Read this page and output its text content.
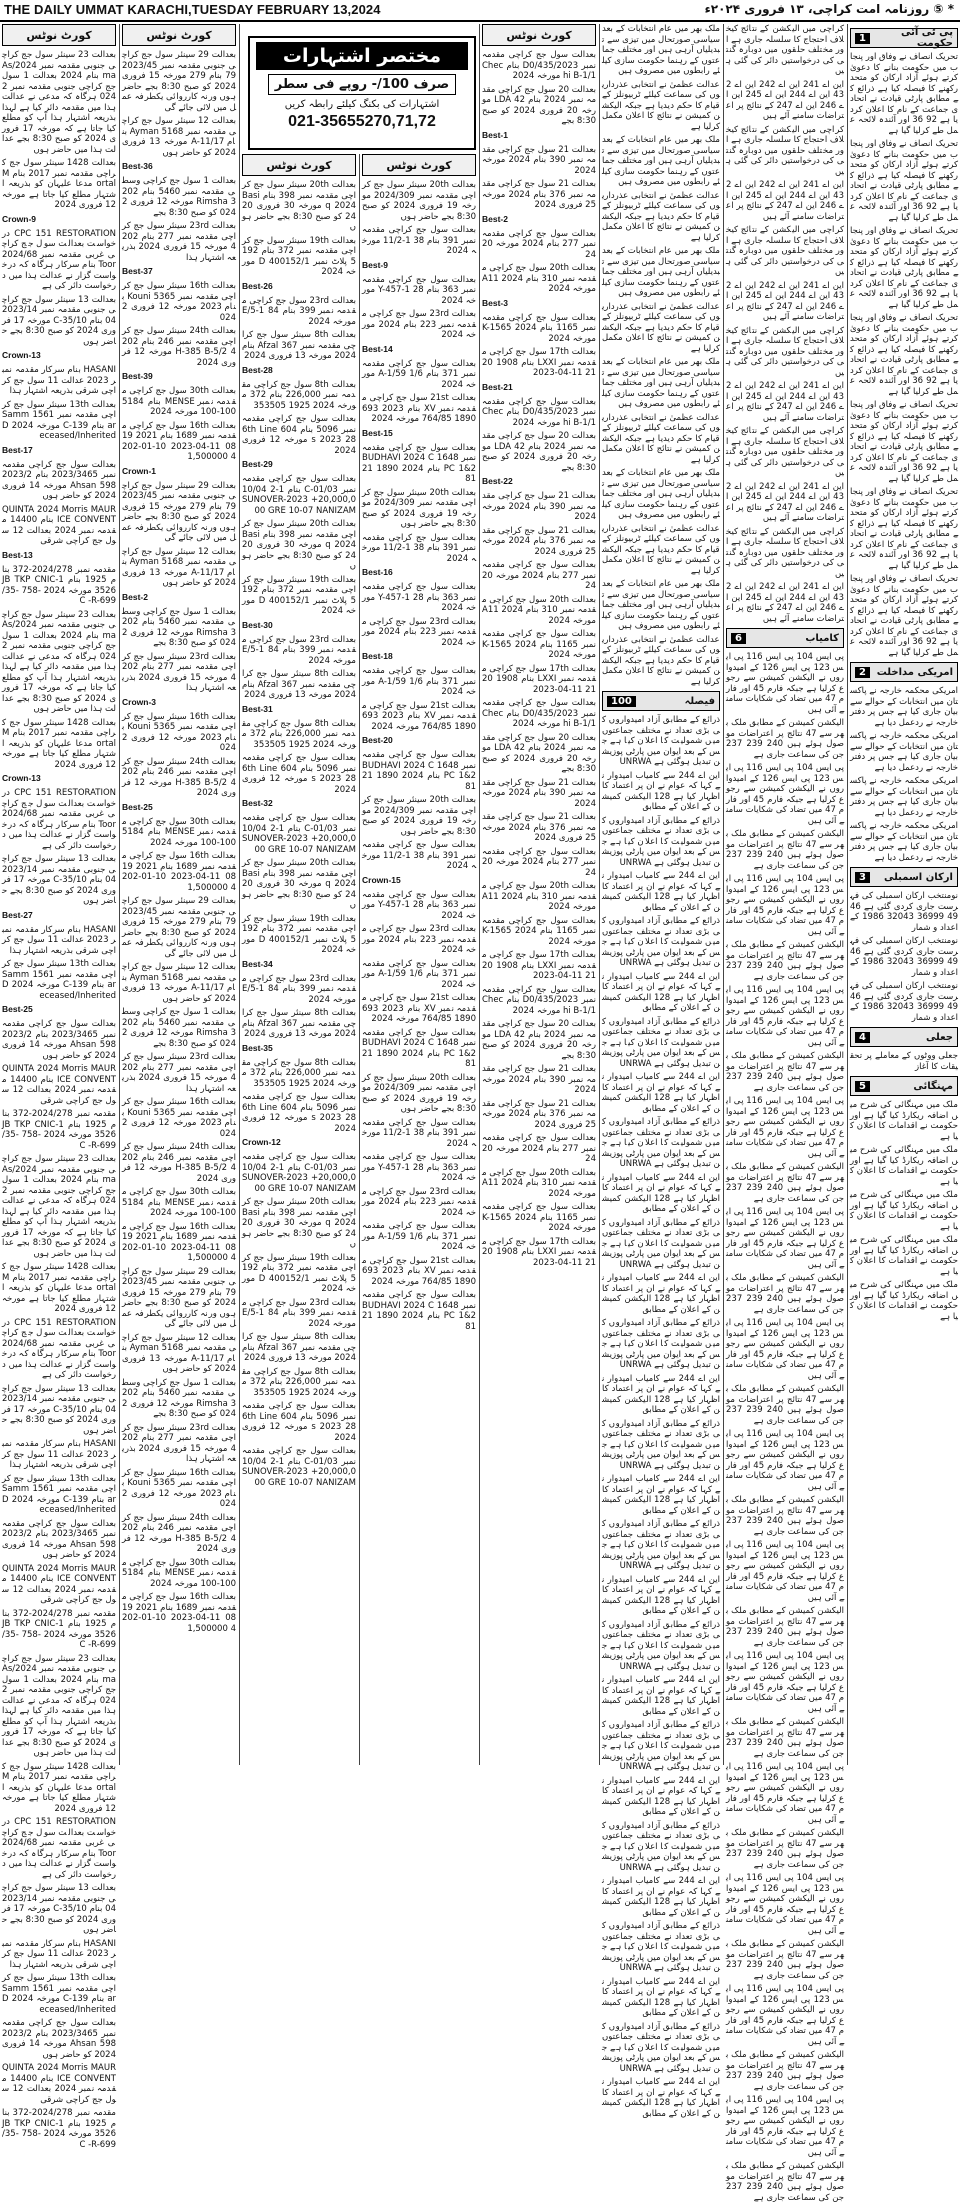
THE DAILY UMMAT KARACHI,TUESDAY FEBRUARY 13,2024	* ⑤ روزنامہ امت کراچی، ۱۳ فروری ۲۰۲۴ء
کورٹ نوٹس

بعدالت 23 سینئر سول جج کراچی جنوبی مقدمہ نمبر 2024/Asma بنام 2024 بعدالت 1 سول جج کراچی جنوبی مقدمہ نمبر 2024 ہرگاہ کہ مدعی نے عدالت ہذا میں مقدمہ دائر کیا ہے لہذا بذریعہ اشتہار ہذا آپ کو مطلع کیا جاتا ہے کہ مورخہ 17 فروری 2024 کو صبح 8:30 بجے عدالت ہذا میں حاضر ہوں

بعدالت 1428 سینئر سول جج کراچی مقدمہ نمبر 2017 بنام Mortal مدعا علیہان کو بذریعہ اشتہار مطلع کیا جاتا ہے مورخہ 12 فروری 2024

Crown-9

CPC 151 RESTORATION درخواست بعدالت سول جج کراچی غربی مقدمہ نمبر 2024/68 Toor بنام سرکار ہرگاہ کہ درخواست گزار نے عدالت ہذا میں درخواست دائر کی ہے

بعدالت 13 سینئر سول جج کراچی جنوبی مقدمہ نمبر 2023/1404 بنام C-35/10 مورخہ 17 فروری 2024 کو صبح 8:30 بجے حاضر ہوں

Crown-13

HASANI بنام سرکار مقدمہ نمبر 2023 عدالت 11 سول جج کراچی شرقی بذریعہ اشتہار ہذا

بعدالت 13th سینئر سول جج کراچی مقدمہ نمبر 1561 Sammar بنام C-139 مورخہ 2024 Deceased/Inherited

Best-17

بعدالت سول جج کراچی مقدمہ نمبر 2023/3465 بنام 2023/2598 Ahsan مورخہ 14 فروری 2024 کو حاضر ہوں

QUINTA 2024 Morris MAURICE CONVENT بنام 14400 مقدمہ نمبر 2024 بعدالت 12 سول جج کراچی شرقی

Best-13

مقدمہ نمبر 2024/278-372 بنام 1925 بنام 1-JB TKP CNIC 3526 مورخہ 2024 -758 -35/C -R-699

بعدالت 23 سینئر سول جج کراچی جنوبی مقدمہ نمبر 2024/Asma بنام 2024 بعدالت 1 سول جج کراچی جنوبی مقدمہ نمبر 2024 ہرگاہ کہ مدعی نے عدالت ہذا میں مقدمہ دائر کیا ہے لہذا بذریعہ اشتہار ہذا آپ کو مطلع کیا جاتا ہے کہ مورخہ 17 فروری 2024 کو صبح 8:30 بجے عدالت ہذا میں حاضر ہوں

بعدالت 1428 سینئر سول جج کراچی مقدمہ نمبر 2017 بنام Mortal مدعا علیہان کو بذریعہ اشتہار مطلع کیا جاتا ہے مورخہ 12 فروری 2024

Crown-13

CPC 151 RESTORATION درخواست بعدالت سول جج کراچی غربی مقدمہ نمبر 2024/68 Toor بنام سرکار ہرگاہ کہ درخواست گزار نے عدالت ہذا میں درخواست دائر کی ہے

بعدالت 13 سینئر سول جج کراچی جنوبی مقدمہ نمبر 2023/1404 بنام C-35/10 مورخہ 17 فروری 2024 کو صبح 8:30 بجے حاضر ہوں

Best-27

HASANI بنام سرکار مقدمہ نمبر 2023 عدالت 11 سول جج کراچی شرقی بذریعہ اشتہار ہذا

بعدالت 13th سینئر سول جج کراچی مقدمہ نمبر 1561 Sammar بنام C-139 مورخہ 2024 Deceased/Inherited

Best-25

بعدالت سول جج کراچی مقدمہ نمبر 2023/3465 بنام 2023/2598 Ahsan مورخہ 14 فروری 2024 کو حاضر ہوں

QUINTA 2024 Morris MAURICE CONVENT بنام 14400 مقدمہ نمبر 2024 بعدالت 12 سول جج کراچی شرقی

مقدمہ نمبر 2024/278-372 بنام 1925 بنام 1-JB TKP CNIC 3526 مورخہ 2024 -758 -35/C -R-699

بعدالت 23 سینئر سول جج کراچی جنوبی مقدمہ نمبر 2024/Asma بنام 2024 بعدالت 1 سول جج کراچی جنوبی مقدمہ نمبر 2024 ہرگاہ کہ مدعی نے عدالت ہذا میں مقدمہ دائر کیا ہے لہذا بذریعہ اشتہار ہذا آپ کو مطلع کیا جاتا ہے کہ مورخہ 17 فروری 2024 کو صبح 8:30 بجے عدالت ہذا میں حاضر ہوں

بعدالت 1428 سینئر سول جج کراچی مقدمہ نمبر 2017 بنام Mortal مدعا علیہان کو بذریعہ اشتہار مطلع کیا جاتا ہے مورخہ 12 فروری 2024

CPC 151 RESTORATION درخواست بعدالت سول جج کراچی غربی مقدمہ نمبر 2024/68 Toor بنام سرکار ہرگاہ کہ درخواست گزار نے عدالت ہذا میں درخواست دائر کی ہے

بعدالت 13 سینئر سول جج کراچی جنوبی مقدمہ نمبر 2023/1404 بنام C-35/10 مورخہ 17 فروری 2024 کو صبح 8:30 بجے حاضر ہوں

HASANI بنام سرکار مقدمہ نمبر 2023 عدالت 11 سول جج کراچی شرقی بذریعہ اشتہار ہذا

بعدالت 13th سینئر سول جج کراچی مقدمہ نمبر 1561 Sammar بنام C-139 مورخہ 2024 Deceased/Inherited

بعدالت سول جج کراچی مقدمہ نمبر 2023/3465 بنام 2023/2598 Ahsan مورخہ 14 فروری 2024 کو حاضر ہوں

QUINTA 2024 Morris MAURICE CONVENT بنام 14400 مقدمہ نمبر 2024 بعدالت 12 سول جج کراچی شرقی

مقدمہ نمبر 2024/278-372 بنام 1925 بنام 1-JB TKP CNIC 3526 مورخہ 2024 -758 -35/C -R-699

بعدالت 23 سینئر سول جج کراچی جنوبی مقدمہ نمبر 2024/Asma بنام 2024 بعدالت 1 سول جج کراچی جنوبی مقدمہ نمبر 2024 ہرگاہ کہ مدعی نے عدالت ہذا میں مقدمہ دائر کیا ہے لہذا بذریعہ اشتہار ہذا آپ کو مطلع کیا جاتا ہے کہ مورخہ 17 فروری 2024 کو صبح 8:30 بجے عدالت ہذا میں حاضر ہوں

بعدالت 1428 سینئر سول جج کراچی مقدمہ نمبر 2017 بنام Mortal مدعا علیہان کو بذریعہ اشتہار مطلع کیا جاتا ہے مورخہ 12 فروری 2024

CPC 151 RESTORATION درخواست بعدالت سول جج کراچی غربی مقدمہ نمبر 2024/68 Toor بنام سرکار ہرگاہ کہ درخواست گزار نے عدالت ہذا میں درخواست دائر کی ہے

بعدالت 13 سینئر سول جج کراچی جنوبی مقدمہ نمبر 2023/1404 بنام C-35/10 مورخہ 17 فروری 2024 کو صبح 8:30 بجے حاضر ہوں

HASANI بنام سرکار مقدمہ نمبر 2023 عدالت 11 سول جج کراچی شرقی بذریعہ اشتہار ہذا

بعدالت 13th سینئر سول جج کراچی مقدمہ نمبر 1561 Sammar بنام C-139 مورخہ 2024 Deceased/Inherited

بعدالت سول جج کراچی مقدمہ نمبر 2023/3465 بنام 2023/2598 Ahsan مورخہ 14 فروری 2024 کو حاضر ہوں

QUINTA 2024 Morris MAURICE CONVENT بنام 14400 مقدمہ نمبر 2024 بعدالت 12 سول جج کراچی شرقی

مقدمہ نمبر 2024/278-372 بنام 1925 بنام 1-JB TKP CNIC 3526 مورخہ 2024 -758 -35/C -R-699

کورٹ نوٹس

بعدالت 29 سینئر سول جج کراچی جنوبی مقدمہ نمبر 2023/4579 بنام 279 مورخہ 15 فروری 2024 کو صبح 8:30 بجے حاضر ہوں ورنہ کارروائی یکطرفہ عمل میں لائی جائے گی

بعدالت 12 سینئر سول جج کراچی مقدمہ نمبر 5168 Ayman بنام A-11/17 مورخہ 13 فروری 2024 کو حاضر ہوں

Best-36

بعدالت 1 سول جج کراچی وسطی مقدمہ نمبر 5460 بنام 2023 Rimsha مورخہ 12 فروری 2024 کو صبح 8:30 بجے

بعدالت 23rd سینئر سول جج کراچی مقدمہ نمبر 277 بنام 2024 مورخہ 15 فروری 2024 بذریعہ اشتہار ہذا

Best-37

بعدالت 16th سینئر سول جج کراچی مقدمہ نمبر 5365 Kouni بنام 2023 مورخہ 12 فروری 2024

بعدالت 24th سینئر سول جج کراچی مقدمہ نمبر 246 بنام 2024 H-385 B-5/2 مورخہ 12 فروری 2024

Best-39

بعدالت 30th سول جج کراچی مقدمہ نمبر MENSE بنام 5184 100-100 مورخہ 2024

بعدالت 16th سول جج کراچی مقدمہ نمبر 1689 بنام 2021 1908 11-04-2023 10-01-2024 1,500000

Crown-1

بعدالت 29 سینئر سول جج کراچی جنوبی مقدمہ نمبر 2023/4579 بنام 279 مورخہ 15 فروری 2024 کو صبح 8:30 بجے حاضر ہوں ورنہ کارروائی یکطرفہ عمل میں لائی جائے گی

بعدالت 12 سینئر سول جج کراچی مقدمہ نمبر 5168 Ayman بنام A-11/17 مورخہ 13 فروری 2024 کو حاضر ہوں

Best-2

بعدالت 1 سول جج کراچی وسطی مقدمہ نمبر 5460 بنام 2023 Rimsha مورخہ 12 فروری 2024 کو صبح 8:30 بجے

بعدالت 23rd سینئر سول جج کراچی مقدمہ نمبر 277 بنام 2024 مورخہ 15 فروری 2024 بذریعہ اشتہار ہذا

Crown-3

بعدالت 16th سینئر سول جج کراچی مقدمہ نمبر 5365 Kouni بنام 2023 مورخہ 12 فروری 2024

بعدالت 24th سینئر سول جج کراچی مقدمہ نمبر 246 بنام 2024 H-385 B-5/2 مورخہ 12 فروری 2024

Best-25

بعدالت 30th سول جج کراچی مقدمہ نمبر MENSE بنام 5184 100-100 مورخہ 2024

بعدالت 16th سول جج کراچی مقدمہ نمبر 1689 بنام 2021 1908 11-04-2023 10-01-2024 1,500000

بعدالت 29 سینئر سول جج کراچی جنوبی مقدمہ نمبر 2023/4579 بنام 279 مورخہ 15 فروری 2024 کو صبح 8:30 بجے حاضر ہوں ورنہ کارروائی یکطرفہ عمل میں لائی جائے گی

بعدالت 12 سینئر سول جج کراچی مقدمہ نمبر 5168 Ayman بنام A-11/17 مورخہ 13 فروری 2024 کو حاضر ہوں

بعدالت 1 سول جج کراچی وسطی مقدمہ نمبر 5460 بنام 2023 Rimsha مورخہ 12 فروری 2024 کو صبح 8:30 بجے

بعدالت 23rd سینئر سول جج کراچی مقدمہ نمبر 277 بنام 2024 مورخہ 15 فروری 2024 بذریعہ اشتہار ہذا

بعدالت 16th سینئر سول جج کراچی مقدمہ نمبر 5365 Kouni بنام 2023 مورخہ 12 فروری 2024

بعدالت 24th سینئر سول جج کراچی مقدمہ نمبر 246 بنام 2024 H-385 B-5/2 مورخہ 12 فروری 2024

بعدالت 30th سول جج کراچی مقدمہ نمبر MENSE بنام 5184 100-100 مورخہ 2024

بعدالت 16th سول جج کراچی مقدمہ نمبر 1689 بنام 2021 1908 11-04-2023 10-01-2024 1,500000

بعدالت 29 سینئر سول جج کراچی جنوبی مقدمہ نمبر 2023/4579 بنام 279 مورخہ 15 فروری 2024 کو صبح 8:30 بجے حاضر ہوں ورنہ کارروائی یکطرفہ عمل میں لائی جائے گی

بعدالت 12 سینئر سول جج کراچی مقدمہ نمبر 5168 Ayman بنام A-11/17 مورخہ 13 فروری 2024 کو حاضر ہوں

بعدالت 1 سول جج کراچی وسطی مقدمہ نمبر 5460 بنام 2023 Rimsha مورخہ 12 فروری 2024 کو صبح 8:30 بجے

بعدالت 23rd سینئر سول جج کراچی مقدمہ نمبر 277 بنام 2024 مورخہ 15 فروری 2024 بذریعہ اشتہار ہذا

بعدالت 16th سینئر سول جج کراچی مقدمہ نمبر 5365 Kouni بنام 2023 مورخہ 12 فروری 2024

بعدالت 24th سینئر سول جج کراچی مقدمہ نمبر 246 بنام 2024 H-385 B-5/2 مورخہ 12 فروری 2024

بعدالت 30th سول جج کراچی مقدمہ نمبر MENSE بنام 5184 100-100 مورخہ 2024

بعدالت 16th سول جج کراچی مقدمہ نمبر 1689 بنام 2021 1908 11-04-2023 10-01-2024 1,500000

مختصر اشتہارات
صرف 100/- روپے فی سطر
اشتہارات کی بکنگ کیلئے رابطہ کریں
021-35655270,71,72
کورٹ نوٹس

بعدالت 20th سینئر سول جج کراچی مقدمہ نمبر 398 بنام Basiq 2024 مورخہ 30 فروری 2024 کو صبح 8:30 بجے حاضر ہوں

بعدالت 19th سینئر سول جج کراچی مقدمہ نمبر 372 بنام 1925 پلاٹ نمبر 1/D 400152 مورخہ 2024

Best-26

بعدالت 23rd سول جج کراچی مقدمہ نمبر 399 بنام 84 1-E/5 مورخہ 2024

بعدالت 8th سینئر سول جج کراچی مقدمہ نمبر 367 Afzal بنام 2024 مورخہ 13 فروری 2024

Best-28

بعدالت 8th سول جج کراچی مقدمہ نمبر 226,000 بنام 372 مورخہ 2024 1925 353505

بعدالت سول جج کراچی مقدمہ نمبر 5096 بنام 604 6th Lines 2023 28 مورخہ 12 فروری 2024

Best-29

بعدالت سول جج کراچی مقدمہ نمبر C-01/03 بنام 1-2 10/04 SUNOVER-2023 +20,000,000 GRE 10-07 NANIZAM

بعدالت 20th سینئر سول جج کراچی مقدمہ نمبر 398 بنام Basiq 2024 مورخہ 30 فروری 2024 کو صبح 8:30 بجے حاضر ہوں

بعدالت 19th سینئر سول جج کراچی مقدمہ نمبر 372 بنام 1925 پلاٹ نمبر 1/D 400152 مورخہ 2024

Best-30

بعدالت 23rd سول جج کراچی مقدمہ نمبر 399 بنام 84 1-E/5 مورخہ 2024

بعدالت 8th سینئر سول جج کراچی مقدمہ نمبر 367 Afzal بنام 2024 مورخہ 13 فروری 2024

Best-31

بعدالت 8th سول جج کراچی مقدمہ نمبر 226,000 بنام 372 مورخہ 2024 1925 353505

بعدالت سول جج کراچی مقدمہ نمبر 5096 بنام 604 6th Lines 2023 28 مورخہ 12 فروری 2024

Best-32

بعدالت سول جج کراچی مقدمہ نمبر C-01/03 بنام 1-2 10/04 SUNOVER-2023 +20,000,000 GRE 10-07 NANIZAM

بعدالت 20th سینئر سول جج کراچی مقدمہ نمبر 398 بنام Basiq 2024 مورخہ 30 فروری 2024 کو صبح 8:30 بجے حاضر ہوں

بعدالت 19th سینئر سول جج کراچی مقدمہ نمبر 372 بنام 1925 پلاٹ نمبر 1/D 400152 مورخہ 2024

Best-34

بعدالت 23rd سول جج کراچی مقدمہ نمبر 399 بنام 84 1-E/5 مورخہ 2024

بعدالت 8th سینئر سول جج کراچی مقدمہ نمبر 367 Afzal بنام 2024 مورخہ 13 فروری 2024

Best-35

بعدالت 8th سول جج کراچی مقدمہ نمبر 226,000 بنام 372 مورخہ 2024 1925 353505

بعدالت سول جج کراچی مقدمہ نمبر 5096 بنام 604 6th Lines 2023 28 مورخہ 12 فروری 2024

Crown-12

بعدالت سول جج کراچی مقدمہ نمبر C-01/03 بنام 1-2 10/04 SUNOVER-2023 +20,000,000 GRE 10-07 NANIZAM

بعدالت 20th سینئر سول جج کراچی مقدمہ نمبر 398 بنام Basiq 2024 مورخہ 30 فروری 2024 کو صبح 8:30 بجے حاضر ہوں

بعدالت 19th سینئر سول جج کراچی مقدمہ نمبر 372 بنام 1925 پلاٹ نمبر 1/D 400152 مورخہ 2024

بعدالت 23rd سول جج کراچی مقدمہ نمبر 399 بنام 84 1-E/5 مورخہ 2024

بعدالت 8th سینئر سول جج کراچی مقدمہ نمبر 367 Afzal بنام 2024 مورخہ 13 فروری 2024

بعدالت 8th سول جج کراچی مقدمہ نمبر 226,000 بنام 372 مورخہ 2024 1925 353505

بعدالت سول جج کراچی مقدمہ نمبر 5096 بنام 604 6th Lines 2023 28 مورخہ 12 فروری 2024

بعدالت سول جج کراچی مقدمہ نمبر C-01/03 بنام 1-2 10/04 SUNOVER-2023 +20,000,000 GRE 10-07 NANIZAM

کورٹ نوٹس

بعدالت 20th سینئر سول جج کراچی مقدمہ نمبر 2024/309 مورخہ 19 فروری 2024 کو صبح 8:30 بجے حاضر ہوں

بعدالت سول جج کراچی مقدمہ نمبر 391 بنام 38 1-11/2 مورخہ 2024

Best-9

بعدالت سول جج کراچی مقدمہ نمبر 363 بنام 28 1-Y-457 مورخہ 2024

بعدالت 23rd سول جج کراچی مقدمہ نمبر 223 بنام 2024 مورخہ 2024

Best-14

بعدالت سول جج کراچی مقدمہ نمبر 371 بنام A-1/59 1/6 مورخہ 2024

بعدالت 21st سول جج کراچی مقدمہ نمبر XV بنام 2023 693 1890 764/85 مورخہ 2024

Best-15

بعدالت سول جج کراچی مقدمہ نمبر 1648 BUDHAVI 2024 CPC 1&2 بنام 2024 1890 2181

بعدالت 20th سینئر سول جج کراچی مقدمہ نمبر 2024/309 مورخہ 19 فروری 2024 کو صبح 8:30 بجے حاضر ہوں

بعدالت سول جج کراچی مقدمہ نمبر 391 بنام 38 1-11/2 مورخہ 2024

Best-16

بعدالت سول جج کراچی مقدمہ نمبر 363 بنام 28 1-Y-457 مورخہ 2024

بعدالت 23rd سول جج کراچی مقدمہ نمبر 223 بنام 2024 مورخہ 2024

Best-18

بعدالت سول جج کراچی مقدمہ نمبر 371 بنام A-1/59 1/6 مورخہ 2024

بعدالت 21st سول جج کراچی مقدمہ نمبر XV بنام 2023 693 1890 764/85 مورخہ 2024

Best-20

بعدالت سول جج کراچی مقدمہ نمبر 1648 BUDHAVI 2024 CPC 1&2 بنام 2024 1890 2181

بعدالت 20th سینئر سول جج کراچی مقدمہ نمبر 2024/309 مورخہ 19 فروری 2024 کو صبح 8:30 بجے حاضر ہوں

بعدالت سول جج کراچی مقدمہ نمبر 391 بنام 38 1-11/2 مورخہ 2024

Crown-15

بعدالت سول جج کراچی مقدمہ نمبر 363 بنام 28 1-Y-457 مورخہ 2024

بعدالت 23rd سول جج کراچی مقدمہ نمبر 223 بنام 2024 مورخہ 2024

بعدالت سول جج کراچی مقدمہ نمبر 371 بنام A-1/59 1/6 مورخہ 2024

بعدالت 21st سول جج کراچی مقدمہ نمبر XV بنام 2023 693 1890 764/85 مورخہ 2024

بعدالت سول جج کراچی مقدمہ نمبر 1648 BUDHAVI 2024 CPC 1&2 بنام 2024 1890 2181

بعدالت 20th سینئر سول جج کراچی مقدمہ نمبر 2024/309 مورخہ 19 فروری 2024 کو صبح 8:30 بجے حاضر ہوں

بعدالت سول جج کراچی مقدمہ نمبر 391 بنام 38 1-11/2 مورخہ 2024

بعدالت سول جج کراچی مقدمہ نمبر 363 بنام 28 1-Y-457 مورخہ 2024

بعدالت 23rd سول جج کراچی مقدمہ نمبر 223 بنام 2024 مورخہ 2024

بعدالت سول جج کراچی مقدمہ نمبر 371 بنام A-1/59 1/6 مورخہ 2024

بعدالت 21st سول جج کراچی مقدمہ نمبر XV بنام 2023 693 1890 764/85 مورخہ 2024

بعدالت سول جج کراچی مقدمہ نمبر 1648 BUDHAVI 2024 CPC 1&2 بنام 2024 1890 2181

کورٹ نوٹس

بعدالت سول جج کراچی مقدمہ نمبر 2023/D0/435 بنام Chechi B-1/1 مورخہ 2024

بعدالت 20 سول جج کراچی مقدمہ نمبر 2024 بنام 42 LDA مورخہ 20 فروری 2024 کو صبح 8:30 بجے

Best-1

بعدالت 21 سول جج کراچی مقدمہ نمبر 390 بنام 2024 مورخہ 2024

بعدالت 21 سول جج کراچی مقدمہ نمبر 376 بنام 2024 مورخہ 25 فروری 2024

Best-2

بعدالت سول جج کراچی مقدمہ نمبر 277 بنام 2024 مورخہ 2024

بعدالت 20th سول جج کراچی مقدمہ نمبر 310 بنام A11 2024 مورخہ 2024

Best-3

بعدالت سول جج کراچی مقدمہ نمبر 1165 بنام K-1565 2024 مورخہ 2024

بعدالت 17th سول جج کراچی مقدمہ نمبر LXXI بنام 1908 2021 11-04-2023

Best-21

بعدالت سول جج کراچی مقدمہ نمبر 2023/D0/435 بنام Chechi B-1/1 مورخہ 2024

بعدالت 20 سول جج کراچی مقدمہ نمبر 2024 بنام 42 LDA مورخہ 20 فروری 2024 کو صبح 8:30 بجے

Best-22

بعدالت 21 سول جج کراچی مقدمہ نمبر 390 بنام 2024 مورخہ 2024

بعدالت 21 سول جج کراچی مقدمہ نمبر 376 بنام 2024 مورخہ 25 فروری 2024

بعدالت سول جج کراچی مقدمہ نمبر 277 بنام 2024 مورخہ 2024

بعدالت 20th سول جج کراچی مقدمہ نمبر 310 بنام A11 2024 مورخہ 2024

بعدالت سول جج کراچی مقدمہ نمبر 1165 بنام K-1565 2024 مورخہ 2024

بعدالت 17th سول جج کراچی مقدمہ نمبر LXXI بنام 1908 2021 11-04-2023

بعدالت سول جج کراچی مقدمہ نمبر 2023/D0/435 بنام Chechi B-1/1 مورخہ 2024

بعدالت 20 سول جج کراچی مقدمہ نمبر 2024 بنام 42 LDA مورخہ 20 فروری 2024 کو صبح 8:30 بجے

بعدالت 21 سول جج کراچی مقدمہ نمبر 390 بنام 2024 مورخہ 2024

بعدالت 21 سول جج کراچی مقدمہ نمبر 376 بنام 2024 مورخہ 25 فروری 2024

بعدالت سول جج کراچی مقدمہ نمبر 277 بنام 2024 مورخہ 2024

بعدالت 20th سول جج کراچی مقدمہ نمبر 310 بنام A11 2024 مورخہ 2024

بعدالت سول جج کراچی مقدمہ نمبر 1165 بنام K-1565 2024 مورخہ 2024

بعدالت 17th سول جج کراچی مقدمہ نمبر LXXI بنام 1908 2021 11-04-2023

بعدالت سول جج کراچی مقدمہ نمبر 2023/D0/435 بنام Chechi B-1/1 مورخہ 2024

بعدالت 20 سول جج کراچی مقدمہ نمبر 2024 بنام 42 LDA مورخہ 20 فروری 2024 کو صبح 8:30 بجے

بعدالت 21 سول جج کراچی مقدمہ نمبر 390 بنام 2024 مورخہ 2024

بعدالت 21 سول جج کراچی مقدمہ نمبر 376 بنام 2024 مورخہ 25 فروری 2024

بعدالت سول جج کراچی مقدمہ نمبر 277 بنام 2024 مورخہ 2024

بعدالت 20th سول جج کراچی مقدمہ نمبر 310 بنام A11 2024 مورخہ 2024

بعدالت سول جج کراچی مقدمہ نمبر 1165 بنام K-1565 2024 مورخہ 2024

بعدالت 17th سول جج کراچی مقدمہ نمبر LXXI بنام 1908 2021 11-04-2023

ملک بھر میں عام انتخابات کے بعد سیاسی صورتحال میں تیزی سے تبدیلیاں آرہی ہیں اور مختلف جماعتوں کے رہنما حکومت سازی کیلئے رابطوں میں مصروف ہیں

عدالت عظمیٰ نے انتخابی عذرداریوں کی سماعت کیلئے ٹربیونلز کے قیام کا حکم دیدیا ہے جبکہ الیکشن کمیشن نے نتائج کا اعلان مکمل کرلیا ہے

ملک بھر میں عام انتخابات کے بعد سیاسی صورتحال میں تیزی سے تبدیلیاں آرہی ہیں اور مختلف جماعتوں کے رہنما حکومت سازی کیلئے رابطوں میں مصروف ہیں

عدالت عظمیٰ نے انتخابی عذرداریوں کی سماعت کیلئے ٹربیونلز کے قیام کا حکم دیدیا ہے جبکہ الیکشن کمیشن نے نتائج کا اعلان مکمل کرلیا ہے

ملک بھر میں عام انتخابات کے بعد سیاسی صورتحال میں تیزی سے تبدیلیاں آرہی ہیں اور مختلف جماعتوں کے رہنما حکومت سازی کیلئے رابطوں میں مصروف ہیں

عدالت عظمیٰ نے انتخابی عذرداریوں کی سماعت کیلئے ٹربیونلز کے قیام کا حکم دیدیا ہے جبکہ الیکشن کمیشن نے نتائج کا اعلان مکمل کرلیا ہے

ملک بھر میں عام انتخابات کے بعد سیاسی صورتحال میں تیزی سے تبدیلیاں آرہی ہیں اور مختلف جماعتوں کے رہنما حکومت سازی کیلئے رابطوں میں مصروف ہیں

عدالت عظمیٰ نے انتخابی عذرداریوں کی سماعت کیلئے ٹربیونلز کے قیام کا حکم دیدیا ہے جبکہ الیکشن کمیشن نے نتائج کا اعلان مکمل کرلیا ہے

ملک بھر میں عام انتخابات کے بعد سیاسی صورتحال میں تیزی سے تبدیلیاں آرہی ہیں اور مختلف جماعتوں کے رہنما حکومت سازی کیلئے رابطوں میں مصروف ہیں

عدالت عظمیٰ نے انتخابی عذرداریوں کی سماعت کیلئے ٹربیونلز کے قیام کا حکم دیدیا ہے جبکہ الیکشن کمیشن نے نتائج کا اعلان مکمل کرلیا ہے

ملک بھر میں عام انتخابات کے بعد سیاسی صورتحال میں تیزی سے تبدیلیاں آرہی ہیں اور مختلف جماعتوں کے رہنما حکومت سازی کیلئے رابطوں میں مصروف ہیں

عدالت عظمیٰ نے انتخابی عذرداریوں کی سماعت کیلئے ٹربیونلز کے قیام کا حکم دیدیا ہے جبکہ الیکشن کمیشن نے نتائج کا اعلان مکمل کرلیا ہے

فیصلہ
100

ذرائع کے مطابق آزاد امیدواروں کی بڑی تعداد نے مختلف جماعتوں میں شمولیت کا اعلان کیا ہے جس کے بعد ایوان میں پارٹی پوزیشن تبدیل ہوگئی ہے UNRWA

این اے 244 سے کامیاب امیدوار نے کہا کہ عوام نے ان پر اعتماد کا اظہار کیا ہے 128 الیکشن کمیشن کے اعلان کے مطابق

ذرائع کے مطابق آزاد امیدواروں کی بڑی تعداد نے مختلف جماعتوں میں شمولیت کا اعلان کیا ہے جس کے بعد ایوان میں پارٹی پوزیشن تبدیل ہوگئی ہے UNRWA

این اے 244 سے کامیاب امیدوار نے کہا کہ عوام نے ان پر اعتماد کا اظہار کیا ہے 128 الیکشن کمیشن کے اعلان کے مطابق

ذرائع کے مطابق آزاد امیدواروں کی بڑی تعداد نے مختلف جماعتوں میں شمولیت کا اعلان کیا ہے جس کے بعد ایوان میں پارٹی پوزیشن تبدیل ہوگئی ہے UNRWA

این اے 244 سے کامیاب امیدوار نے کہا کہ عوام نے ان پر اعتماد کا اظہار کیا ہے 128 الیکشن کمیشن کے اعلان کے مطابق

ذرائع کے مطابق آزاد امیدواروں کی بڑی تعداد نے مختلف جماعتوں میں شمولیت کا اعلان کیا ہے جس کے بعد ایوان میں پارٹی پوزیشن تبدیل ہوگئی ہے UNRWA

این اے 244 سے کامیاب امیدوار نے کہا کہ عوام نے ان پر اعتماد کا اظہار کیا ہے 128 الیکشن کمیشن کے اعلان کے مطابق

ذرائع کے مطابق آزاد امیدواروں کی بڑی تعداد نے مختلف جماعتوں میں شمولیت کا اعلان کیا ہے جس کے بعد ایوان میں پارٹی پوزیشن تبدیل ہوگئی ہے UNRWA

این اے 244 سے کامیاب امیدوار نے کہا کہ عوام نے ان پر اعتماد کا اظہار کیا ہے 128 الیکشن کمیشن کے اعلان کے مطابق

ذرائع کے مطابق آزاد امیدواروں کی بڑی تعداد نے مختلف جماعتوں میں شمولیت کا اعلان کیا ہے جس کے بعد ایوان میں پارٹی پوزیشن تبدیل ہوگئی ہے UNRWA

این اے 244 سے کامیاب امیدوار نے کہا کہ عوام نے ان پر اعتماد کا اظہار کیا ہے 128 الیکشن کمیشن کے اعلان کے مطابق

ذرائع کے مطابق آزاد امیدواروں کی بڑی تعداد نے مختلف جماعتوں میں شمولیت کا اعلان کیا ہے جس کے بعد ایوان میں پارٹی پوزیشن تبدیل ہوگئی ہے UNRWA

این اے 244 سے کامیاب امیدوار نے کہا کہ عوام نے ان پر اعتماد کا اظہار کیا ہے 128 الیکشن کمیشن کے اعلان کے مطابق

ذرائع کے مطابق آزاد امیدواروں کی بڑی تعداد نے مختلف جماعتوں میں شمولیت کا اعلان کیا ہے جس کے بعد ایوان میں پارٹی پوزیشن تبدیل ہوگئی ہے UNRWA

این اے 244 سے کامیاب امیدوار نے کہا کہ عوام نے ان پر اعتماد کا اظہار کیا ہے 128 الیکشن کمیشن کے اعلان کے مطابق

ذرائع کے مطابق آزاد امیدواروں کی بڑی تعداد نے مختلف جماعتوں میں شمولیت کا اعلان کیا ہے جس کے بعد ایوان میں پارٹی پوزیشن تبدیل ہوگئی ہے UNRWA

این اے 244 سے کامیاب امیدوار نے کہا کہ عوام نے ان پر اعتماد کا اظہار کیا ہے 128 الیکشن کمیشن کے اعلان کے مطابق

ذرائع کے مطابق آزاد امیدواروں کی بڑی تعداد نے مختلف جماعتوں میں شمولیت کا اعلان کیا ہے جس کے بعد ایوان میں پارٹی پوزیشن تبدیل ہوگئی ہے UNRWA

این اے 244 سے کامیاب امیدوار نے کہا کہ عوام نے ان پر اعتماد کا اظہار کیا ہے 128 الیکشن کمیشن کے اعلان کے مطابق

ذرائع کے مطابق آزاد امیدواروں کی بڑی تعداد نے مختلف جماعتوں میں شمولیت کا اعلان کیا ہے جس کے بعد ایوان میں پارٹی پوزیشن تبدیل ہوگئی ہے UNRWA

این اے 244 سے کامیاب امیدوار نے کہا کہ عوام نے ان پر اعتماد کا اظہار کیا ہے 128 الیکشن کمیشن کے اعلان کے مطابق

ذرائع کے مطابق آزاد امیدواروں کی بڑی تعداد نے مختلف جماعتوں میں شمولیت کا اعلان کیا ہے جس کے بعد ایوان میں پارٹی پوزیشن تبدیل ہوگئی ہے UNRWA

این اے 244 سے کامیاب امیدوار نے کہا کہ عوام نے ان پر اعتماد کا اظہار کیا ہے 128 الیکشن کمیشن کے اعلان کے مطابق

ذرائع کے مطابق آزاد امیدواروں کی بڑی تعداد نے مختلف جماعتوں میں شمولیت کا اعلان کیا ہے جس کے بعد ایوان میں پارٹی پوزیشن تبدیل ہوگئی ہے UNRWA

این اے 244 سے کامیاب امیدوار نے کہا کہ عوام نے ان پر اعتماد کا اظہار کیا ہے 128 الیکشن کمیشن کے اعلان کے مطابق

ذرائع کے مطابق آزاد امیدواروں کی بڑی تعداد نے مختلف جماعتوں میں شمولیت کا اعلان کیا ہے جس کے بعد ایوان میں پارٹی پوزیشن تبدیل ہوگئی ہے UNRWA

این اے 244 سے کامیاب امیدوار نے کہا کہ عوام نے ان پر اعتماد کا اظہار کیا ہے 128 الیکشن کمیشن کے اعلان کے مطابق

کراچی میں الیکشن کے نتائج کیخلاف احتجاج کا سلسلہ جاری ہے اور مختلف حلقوں میں دوبارہ گنتی کی درخواستیں دائر کی گئی ہیں

این اے 241 این اے 242 این اے 243 این اے 244 این اے 245 این اے 246 این اے 247 کے نتائج پر اعتراضات سامنے آئے ہیں

کراچی میں الیکشن کے نتائج کیخلاف احتجاج کا سلسلہ جاری ہے اور مختلف حلقوں میں دوبارہ گنتی کی درخواستیں دائر کی گئی ہیں

این اے 241 این اے 242 این اے 243 این اے 244 این اے 245 این اے 246 این اے 247 کے نتائج پر اعتراضات سامنے آئے ہیں

کراچی میں الیکشن کے نتائج کیخلاف احتجاج کا سلسلہ جاری ہے اور مختلف حلقوں میں دوبارہ گنتی کی درخواستیں دائر کی گئی ہیں

این اے 241 این اے 242 این اے 243 این اے 244 این اے 245 این اے 246 این اے 247 کے نتائج پر اعتراضات سامنے آئے ہیں

کراچی میں الیکشن کے نتائج کیخلاف احتجاج کا سلسلہ جاری ہے اور مختلف حلقوں میں دوبارہ گنتی کی درخواستیں دائر کی گئی ہیں

این اے 241 این اے 242 این اے 243 این اے 244 این اے 245 این اے 246 این اے 247 کے نتائج پر اعتراضات سامنے آئے ہیں

کراچی میں الیکشن کے نتائج کیخلاف احتجاج کا سلسلہ جاری ہے اور مختلف حلقوں میں دوبارہ گنتی کی درخواستیں دائر کی گئی ہیں

این اے 241 این اے 242 این اے 243 این اے 244 این اے 245 این اے 246 این اے 247 کے نتائج پر اعتراضات سامنے آئے ہیں

کراچی میں الیکشن کے نتائج کیخلاف احتجاج کا سلسلہ جاری ہے اور مختلف حلقوں میں دوبارہ گنتی کی درخواستیں دائر کی گئی ہیں

این اے 241 این اے 242 این اے 243 این اے 244 این اے 245 این اے 246 این اے 247 کے نتائج پر اعتراضات سامنے آئے ہیں

کامیاب
6

پی ایس 104 پی ایس 116 پی ایس 123 پی ایس 126 کے امیدواروں نے الیکشن کمیشن سے رجوع کرلیا ہے جبکہ فارم 45 اور فارم 47 میں تضاد کی شکایات سامنے آئی ہیں

الیکشن کمیشن کے مطابق ملک بھر سے 47 نتائج پر اعتراضات موصول ہوئے ہیں 240 239 237 جن کی سماعت جاری ہے

پی ایس 104 پی ایس 116 پی ایس 123 پی ایس 126 کے امیدواروں نے الیکشن کمیشن سے رجوع کرلیا ہے جبکہ فارم 45 اور فارم 47 میں تضاد کی شکایات سامنے آئی ہیں

الیکشن کمیشن کے مطابق ملک بھر سے 47 نتائج پر اعتراضات موصول ہوئے ہیں 240 239 237 جن کی سماعت جاری ہے

پی ایس 104 پی ایس 116 پی ایس 123 پی ایس 126 کے امیدواروں نے الیکشن کمیشن سے رجوع کرلیا ہے جبکہ فارم 45 اور فارم 47 میں تضاد کی شکایات سامنے آئی ہیں

الیکشن کمیشن کے مطابق ملک بھر سے 47 نتائج پر اعتراضات موصول ہوئے ہیں 240 239 237 جن کی سماعت جاری ہے

پی ایس 104 پی ایس 116 پی ایس 123 پی ایس 126 کے امیدواروں نے الیکشن کمیشن سے رجوع کرلیا ہے جبکہ فارم 45 اور فارم 47 میں تضاد کی شکایات سامنے آئی ہیں

الیکشن کمیشن کے مطابق ملک بھر سے 47 نتائج پر اعتراضات موصول ہوئے ہیں 240 239 237 جن کی سماعت جاری ہے

پی ایس 104 پی ایس 116 پی ایس 123 پی ایس 126 کے امیدواروں نے الیکشن کمیشن سے رجوع کرلیا ہے جبکہ فارم 45 اور فارم 47 میں تضاد کی شکایات سامنے آئی ہیں

الیکشن کمیشن کے مطابق ملک بھر سے 47 نتائج پر اعتراضات موصول ہوئے ہیں 240 239 237 جن کی سماعت جاری ہے

پی ایس 104 پی ایس 116 پی ایس 123 پی ایس 126 کے امیدواروں نے الیکشن کمیشن سے رجوع کرلیا ہے جبکہ فارم 45 اور فارم 47 میں تضاد کی شکایات سامنے آئی ہیں

الیکشن کمیشن کے مطابق ملک بھر سے 47 نتائج پر اعتراضات موصول ہوئے ہیں 240 239 237 جن کی سماعت جاری ہے

پی ایس 104 پی ایس 116 پی ایس 123 پی ایس 126 کے امیدواروں نے الیکشن کمیشن سے رجوع کرلیا ہے جبکہ فارم 45 اور فارم 47 میں تضاد کی شکایات سامنے آئی ہیں

الیکشن کمیشن کے مطابق ملک بھر سے 47 نتائج پر اعتراضات موصول ہوئے ہیں 240 239 237 جن کی سماعت جاری ہے

پی ایس 104 پی ایس 116 پی ایس 123 پی ایس 126 کے امیدواروں نے الیکشن کمیشن سے رجوع کرلیا ہے جبکہ فارم 45 اور فارم 47 میں تضاد کی شکایات سامنے آئی ہیں

الیکشن کمیشن کے مطابق ملک بھر سے 47 نتائج پر اعتراضات موصول ہوئے ہیں 240 239 237 جن کی سماعت جاری ہے

پی ایس 104 پی ایس 116 پی ایس 123 پی ایس 126 کے امیدواروں نے الیکشن کمیشن سے رجوع کرلیا ہے جبکہ فارم 45 اور فارم 47 میں تضاد کی شکایات سامنے آئی ہیں

الیکشن کمیشن کے مطابق ملک بھر سے 47 نتائج پر اعتراضات موصول ہوئے ہیں 240 239 237 جن کی سماعت جاری ہے

پی ایس 104 پی ایس 116 پی ایس 123 پی ایس 126 کے امیدواروں نے الیکشن کمیشن سے رجوع کرلیا ہے جبکہ فارم 45 اور فارم 47 میں تضاد کی شکایات سامنے آئی ہیں

الیکشن کمیشن کے مطابق ملک بھر سے 47 نتائج پر اعتراضات موصول ہوئے ہیں 240 239 237 جن کی سماعت جاری ہے

پی ایس 104 پی ایس 116 پی ایس 123 پی ایس 126 کے امیدواروں نے الیکشن کمیشن سے رجوع کرلیا ہے جبکہ فارم 45 اور فارم 47 میں تضاد کی شکایات سامنے آئی ہیں

الیکشن کمیشن کے مطابق ملک بھر سے 47 نتائج پر اعتراضات موصول ہوئے ہیں 240 239 237 جن کی سماعت جاری ہے

پی ایس 104 پی ایس 116 پی ایس 123 پی ایس 126 کے امیدواروں نے الیکشن کمیشن سے رجوع کرلیا ہے جبکہ فارم 45 اور فارم 47 میں تضاد کی شکایات سامنے آئی ہیں

الیکشن کمیشن کے مطابق ملک بھر سے 47 نتائج پر اعتراضات موصول ہوئے ہیں 240 239 237 جن کی سماعت جاری ہے

پی ایس 104 پی ایس 116 پی ایس 123 پی ایس 126 کے امیدواروں نے الیکشن کمیشن سے رجوع کرلیا ہے جبکہ فارم 45 اور فارم 47 میں تضاد کی شکایات سامنے آئی ہیں

الیکشن کمیشن کے مطابق ملک بھر سے 47 نتائج پر اعتراضات موصول ہوئے ہیں 240 239 237 جن کی سماعت جاری ہے

پی ایس 104 پی ایس 116 پی ایس 123 پی ایس 126 کے امیدواروں نے الیکشن کمیشن سے رجوع کرلیا ہے جبکہ فارم 45 اور فارم 47 میں تضاد کی شکایات سامنے آئی ہیں

الیکشن کمیشن کے مطابق ملک بھر سے 47 نتائج پر اعتراضات موصول ہوئے ہیں 240 239 237 جن کی سماعت جاری ہے

پی ٹی آئی حکومت
1

تحریک انصاف نے وفاق اور پنجاب میں حکومت بنانے کا دعویٰ کرتے ہوئے آزاد ارکان کو متحد رکھنے کا فیصلہ کیا ہے ذرائع کے مطابق پارٹی قیادت نے اتحادی جماعت کے نام کا اعلان کردیا ہے 92 36 اور آئندہ لائحہ عمل طے کرلیا گیا ہے

تحریک انصاف نے وفاق اور پنجاب میں حکومت بنانے کا دعویٰ کرتے ہوئے آزاد ارکان کو متحد رکھنے کا فیصلہ کیا ہے ذرائع کے مطابق پارٹی قیادت نے اتحادی جماعت کے نام کا اعلان کردیا ہے 92 36 اور آئندہ لائحہ عمل طے کرلیا گیا ہے

تحریک انصاف نے وفاق اور پنجاب میں حکومت بنانے کا دعویٰ کرتے ہوئے آزاد ارکان کو متحد رکھنے کا فیصلہ کیا ہے ذرائع کے مطابق پارٹی قیادت نے اتحادی جماعت کے نام کا اعلان کردیا ہے 92 36 اور آئندہ لائحہ عمل طے کرلیا گیا ہے

تحریک انصاف نے وفاق اور پنجاب میں حکومت بنانے کا دعویٰ کرتے ہوئے آزاد ارکان کو متحد رکھنے کا فیصلہ کیا ہے ذرائع کے مطابق پارٹی قیادت نے اتحادی جماعت کے نام کا اعلان کردیا ہے 92 36 اور آئندہ لائحہ عمل طے کرلیا گیا ہے

تحریک انصاف نے وفاق اور پنجاب میں حکومت بنانے کا دعویٰ کرتے ہوئے آزاد ارکان کو متحد رکھنے کا فیصلہ کیا ہے ذرائع کے مطابق پارٹی قیادت نے اتحادی جماعت کے نام کا اعلان کردیا ہے 92 36 اور آئندہ لائحہ عمل طے کرلیا گیا ہے

تحریک انصاف نے وفاق اور پنجاب میں حکومت بنانے کا دعویٰ کرتے ہوئے آزاد ارکان کو متحد رکھنے کا فیصلہ کیا ہے ذرائع کے مطابق پارٹی قیادت نے اتحادی جماعت کے نام کا اعلان کردیا ہے 92 36 اور آئندہ لائحہ عمل طے کرلیا گیا ہے

تحریک انصاف نے وفاق اور پنجاب میں حکومت بنانے کا دعویٰ کرتے ہوئے آزاد ارکان کو متحد رکھنے کا فیصلہ کیا ہے ذرائع کے مطابق پارٹی قیادت نے اتحادی جماعت کے نام کا اعلان کردیا ہے 92 36 اور آئندہ لائحہ عمل طے کرلیا گیا ہے

امریکی مداخلت
2

امریکی محکمہ خارجہ نے پاکستان میں انتخابات کے حوالے سے بیان جاری کیا ہے جس پر دفتر خارجہ نے ردعمل دیا ہے

امریکی محکمہ خارجہ نے پاکستان میں انتخابات کے حوالے سے بیان جاری کیا ہے جس پر دفتر خارجہ نے ردعمل دیا ہے

امریکی محکمہ خارجہ نے پاکستان میں انتخابات کے حوالے سے بیان جاری کیا ہے جس پر دفتر خارجہ نے ردعمل دیا ہے

امریکی محکمہ خارجہ نے پاکستان میں انتخابات کے حوالے سے بیان جاری کیا ہے جس پر دفتر خارجہ نے ردعمل دیا ہے

ارکان اسمبلی
3

نومنتخب ارکان اسمبلی کی فہرست جاری کردی گئی ہے 46 49 36999 32043 1986 کے اعداد و شمار

نومنتخب ارکان اسمبلی کی فہرست جاری کردی گئی ہے 46 49 36999 32043 1986 کے اعداد و شمار

نومنتخب ارکان اسمبلی کی فہرست جاری کردی گئی ہے 46 49 36999 32043 1986 کے اعداد و شمار

جعلی
4

جعلی ووٹوں کے معاملے پر تحقیقات کا آغاز

مہنگائی
5

ملک میں مہنگائی کی شرح میں اضافہ ریکارڈ کیا گیا ہے اور حکومت نے اقدامات کا اعلان کیا ہے

ملک میں مہنگائی کی شرح میں اضافہ ریکارڈ کیا گیا ہے اور حکومت نے اقدامات کا اعلان کیا ہے

ملک میں مہنگائی کی شرح میں اضافہ ریکارڈ کیا گیا ہے اور حکومت نے اقدامات کا اعلان کیا ہے

ملک میں مہنگائی کی شرح میں اضافہ ریکارڈ کیا گیا ہے اور حکومت نے اقدامات کا اعلان کیا ہے

ملک میں مہنگائی کی شرح میں اضافہ ریکارڈ کیا گیا ہے اور حکومت نے اقدامات کا اعلان کیا ہے
